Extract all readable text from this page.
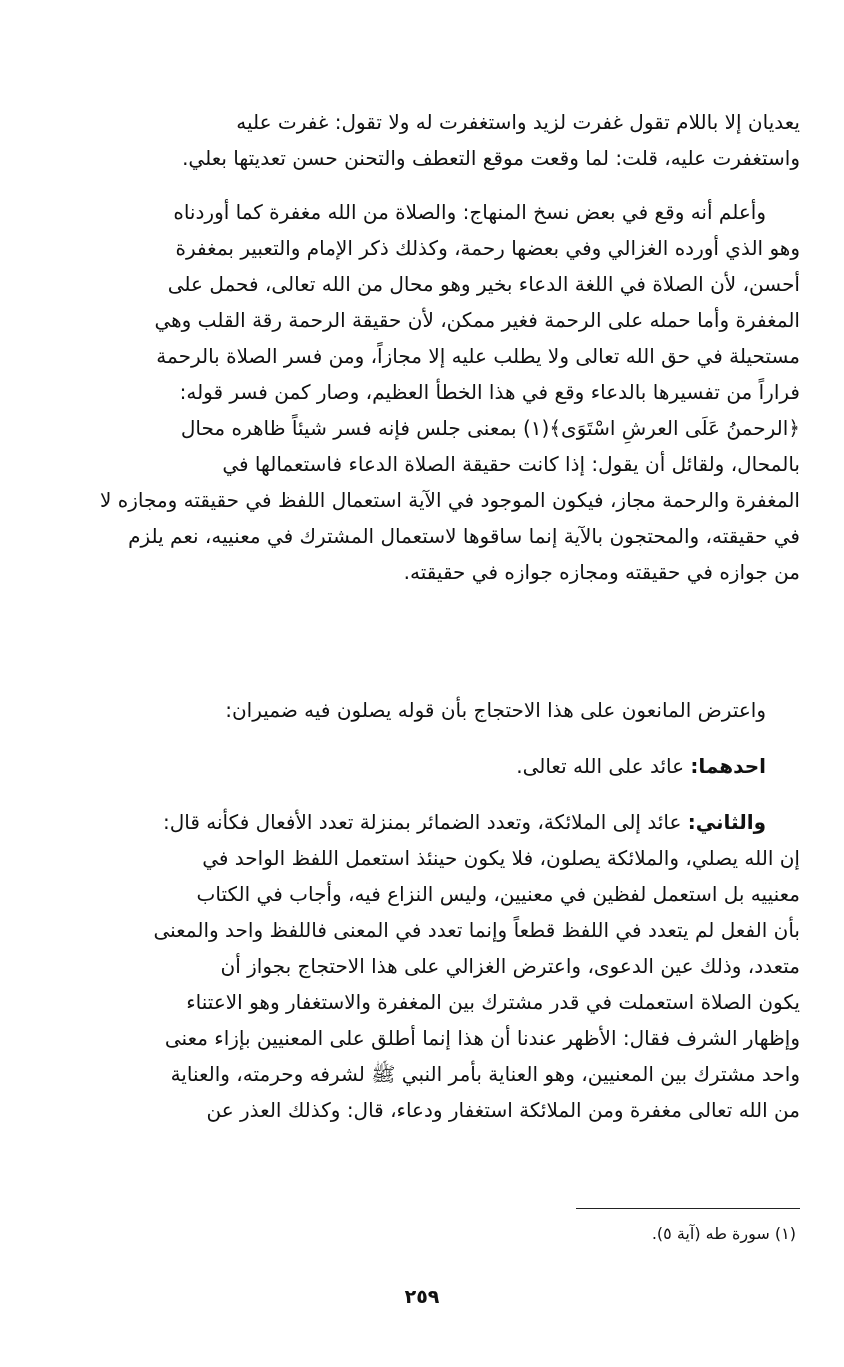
يعديان إلا باللام تقول غفرت لزيد واستغفرت له ولا تقول: غفرت عليه
واستغفرت عليه، قلت: لما وقعت موقع التعطف والتحنن حسن تعديتها بعلي.
وأعلم أنه وقع في بعض نسخ المنهاج: والصلاة من الله مغفرة كما أوردناه
وهو الذي أورده الغزالي وفي بعضها رحمة، وكذلك ذكر الإمام والتعبير بمغفرة
أحسن، لأن الصلاة في اللغة الدعاء بخير وهو محال من الله تعالى، فحمل على
المغفرة وأما حمله على الرحمة فغير ممكن، لأن حقيقة الرحمة رقة القلب وهي
مستحيلة في حق الله تعالى ولا يطلب عليه إلا مجازاً، ومن فسر الصلاة بالرحمة
فراراً من تفسيرها بالدعاء وقع في هذا الخطأ العظيم، وصار كمن فسر قوله:
﴿الرحمنُ عَلَى العرشِ اسْتَوَى﴾(١) بمعنى جلس فإنه فسر شيئاً ظاهره محال
بالمحال، ولقائل أن يقول: إذا كانت حقيقة الصلاة الدعاء فاستعمالها في
المغفرة والرحمة مجاز، فيكون الموجود في الآية استعمال اللفظ في حقيقته ومجازه لا
في حقيقته، والمحتجون بالآية إنما ساقوها لاستعمال المشترك في معنييه، نعم يلزم
من جوازه في حقيقته ومجازه جوازه في حقيقته.
واعترض المانعون على هذا الاحتجاج بأن قوله يصلون فيه ضميران:
احدهما: عائد على الله تعالى.
والثاني: عائد إلى الملائكة، وتعدد الضمائر بمنزلة تعدد الأفعال فكأنه قال:
إن الله يصلي، والملائكة يصلون، فلا يكون حينئذ استعمل اللفظ الواحد في
معنييه بل استعمل لفظين في معنيين، وليس النزاع فيه، وأجاب في الكتاب
بأن الفعل لم يتعدد في اللفظ قطعاً وإنما تعدد في المعنى فاللفظ واحد والمعنى
متعدد، وذلك عين الدعوى، واعترض الغزالي على هذا الاحتجاج بجواز أن
يكون الصلاة استعملت في قدر مشترك بين المغفرة والاستغفار وهو الاعتناء
وإظهار الشرف فقال: الأظهر عندنا أن هذا إنما أطلق على المعنيين بإزاء معنى
واحد مشترك بين المعنيين، وهو العناية بأمر النبي ﷺ لشرفه وحرمته، والعناية
من الله تعالى مغفرة ومن الملائكة استغفار ودعاء، قال: وكذلك العذر عن
(١) سورة طه (آية ٥).
٢٥٩
